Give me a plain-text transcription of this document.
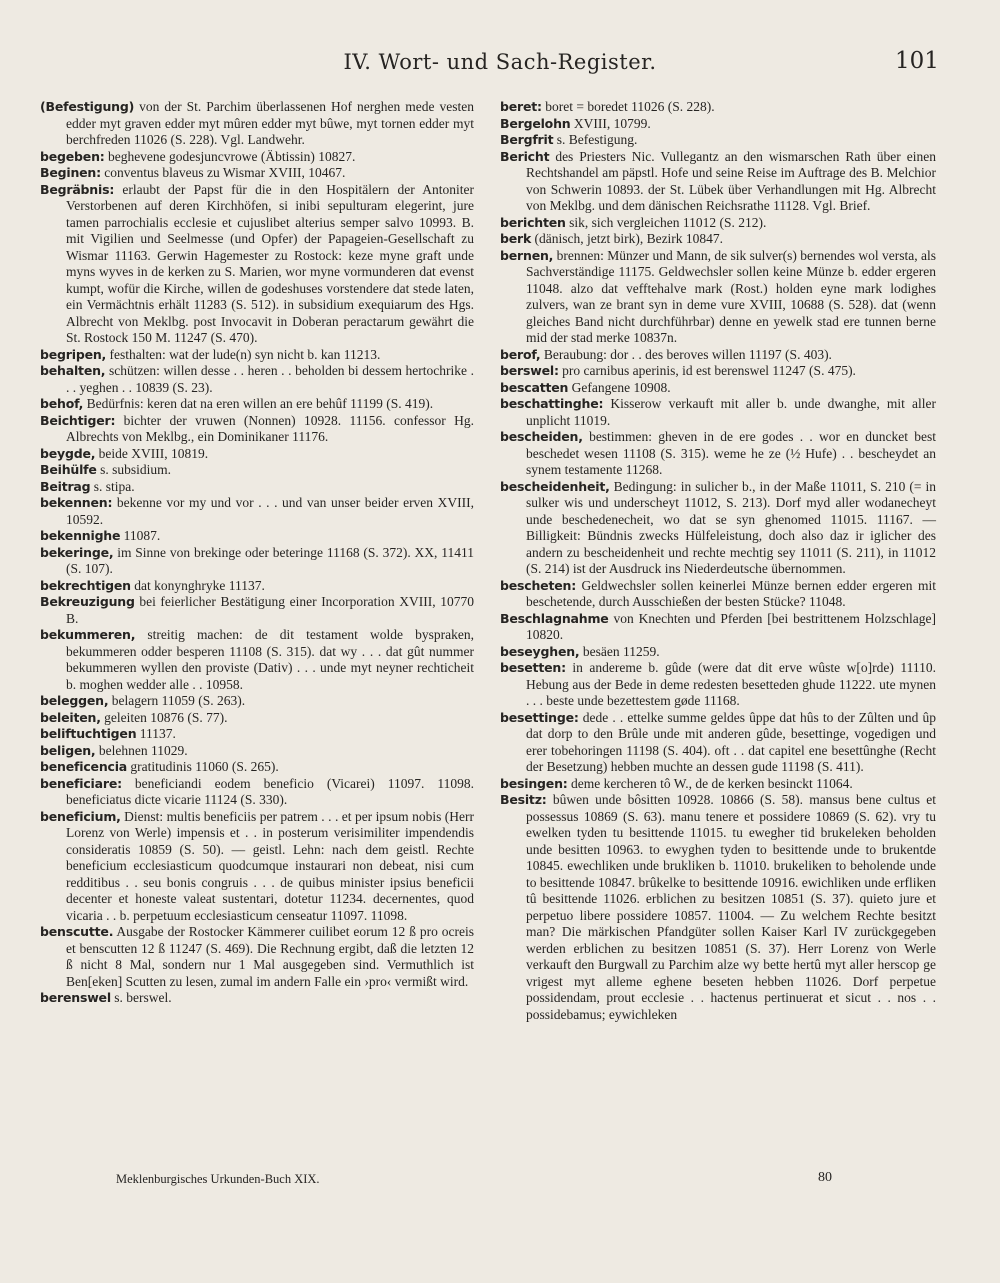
IV. Wort- und Sach-Register.	101

(Befestigung) von der St. Parchim überlassenen Hof nerghen mede vesten edder myt graven edder myt mûren edder myt bûwe, myt tornen edder myt berchfreden 11026 (S. 228). Vgl. Landwehr.

begeben: beghevene godesjuncvrowe (Äbtissin) 10827.

Beginen: conventus blaveus zu Wismar XVIII, 10467.

Begräbnis: erlaubt der Papst für die in den Hospitälern der Antoniter Verstorbenen auf deren Kirchhöfen, si inibi sepulturam elegerint, jure tamen parrochialis ecclesie et cujuslibet alterius semper salvo 10993. B. mit Vigilien und Seelmesse (und Opfer) der Papageien-Gesellschaft zu Wismar 11163. Gerwin Hagemester zu Rostock: keze myne graft unde myns wyves in de kerken zu S. Marien, wor myne vormunderen dat evenst kumpt, wofür die Kirche, willen de godeshuses vorstendere dat stede laten, ein Vermächtnis erhält 11283 (S. 512). in subsidium exequiarum des Hgs. Albrecht von Meklbg. post Invocavit in Doberan peractarum gewährt die St. Rostock 150 M. 11247 (S. 470).

begripen, festhalten: wat der lude(n) syn nicht b. kan 11213.

behalten, schützen: willen desse . . heren . . beholden bi dessem hertochrike . . . yeghen . . 10839 (S. 23).

behof, Bedürfnis: keren dat na eren willen an ere behûf 11199 (S. 419).

Beichtiger: bichter der vruwen (Nonnen) 10928. 11156. confessor Hg. Albrechts von Meklbg., ein Dominikaner 11176.

beygde, beide XVIII, 10819.

Beihülfe s. subsidium.

Beitrag s. stipa.

bekennen: bekenne vor my und vor . . . und van unser beider erven XVIII, 10592.

bekennighe 11087.

bekeringe, im Sinne von brekinge oder beteringe 11168 (S. 372). XX, 11411 (S. 107).

bekrechtigen dat konynghryke 11137.

Bekreuzigung bei feierlicher Bestätigung einer Incorporation XVIII, 10770 B.

bekummeren, streitig machen: de dit testament wolde byspraken, bekummeren odder besperen 11108 (S. 315). dat wy . . . dat gût nummer bekummeren wyllen den proviste (Dativ) . . . unde myt neyner rechticheit b. moghen wedder alle . . 10958.

beleggen, belagern 11059 (S. 263).

beleiten, geleiten 10876 (S. 77).

beliftuchtigen 11137.

beligen, belehnen 11029.

beneficencia gratitudinis 11060 (S. 265).

beneficiare: beneficiandi eodem beneficio (Vicarei) 11097. 11098. beneficiatus dicte vicarie 11124 (S. 330).

beneficium, Dienst: multis beneficiis per patrem . . . et per ipsum nobis (Herr Lorenz von Werle) impensis et . . in posterum verisimiliter impendendis consideratis 10859 (S. 50). — geistl. Lehn: nach dem geistl. Rechte beneficium ecclesiasticum quodcumque instaurari non debeat, nisi cum redditibus . . seu bonis congruis . . . de quibus minister ipsius beneficii decenter et honeste valeat sustentari, dotetur 11234. decernentes, quod vicaria . . b. perpetuum ecclesiasticum censeatur 11097. 11098.

benscutte. Ausgabe der Rostocker Kämmerer cuilibet eorum 12 ß pro ocreis et benscutten 12 ß 11247 (S. 469). Die Rechnung ergibt, daß die letzten 12 ß nicht 8 Mal, sondern nur 1 Mal ausgegeben sind. Vermuthlich ist Ben[eken] Scutten zu lesen, zumal im andern Falle ein ›pro‹ vermißt wird.

berenswel s. berswel.

beret: boret = boredet 11026 (S. 228).

Bergelohn XVIII, 10799.

Bergfrit s. Befestigung.

Bericht des Priesters Nic. Vullegantz an den wismarschen Rath über einen Rechtshandel am päpstl. Hofe und seine Reise im Auftrage des B. Melchior von Schwerin 10893. der St. Lübek über Verhandlungen mit Hg. Albrecht von Meklbg. und dem dänischen Reichsrathe 11128. Vgl. Brief.

berichten sik, sich vergleichen 11012 (S. 212).

berk (dänisch, jetzt birk), Bezirk 10847.

bernen, brennen: Münzer und Mann, de sik sulver(s) bernendes wol versta, als Sachverständige 11175. Geldwechsler sollen keine Münze b. edder ergeren 11048. alzo dat vefftehalve mark (Rost.) holden eyne mark lodighes zulvers, wan ze brant syn in deme vure XVIII, 10688 (S. 528). dat (wenn gleiches Band nicht durchführbar) denne en yewelk stad ere tunnen berne mid der stad merke 10837n.

berof, Beraubung: dor . . des beroves willen 11197 (S. 403).

berswel: pro carnibus aperinis, id est berenswel 11247 (S. 475).

bescatten Gefangene 10908.

beschattinghe: Kisserow verkauft mit aller b. unde dwanghe, mit aller unplicht 11019.

bescheiden, bestimmen: gheven in de ere godes . . wor en duncket best beschedet wesen 11108 (S. 315). weme he ze (½ Hufe) . . bescheydet an synem testamente 11268.

bescheidenheit, Bedingung: in sulicher b., in der Maße 11011, S. 210 (= in sulker wis und underscheyt 11012, S. 213). Dorf myd aller wodanecheyt unde beschedenecheit, wo dat se syn ghenomed 11015. 11167. — Billigkeit: Bündnis zwecks Hülfeleistung, doch also daz ir iglicher des andern zu bescheidenheit und rechte mechtig sey 11011 (S. 211), in 11012 (S. 214) ist der Ausdruck ins Niederdeutsche übernommen.

bescheten: Geldwechsler sollen keinerlei Münze bernen edder ergeren mit beschetende, durch Ausschießen der besten Stücke? 11048.

Beschlagnahme von Knechten und Pferden [bei bestrittenem Holzschlage] 10820.

beseyghen, besäen 11259.

besetten: in andereme b. gûde (were dat dit erve wûste w[o]rde) 11110. Hebung aus der Bede in deme redesten besetteden ghude 11222. ute mynen . . . beste unde bezettestem gøde 11168.

besettinge: dede . . ettelke summe geldes ûppe dat hûs to der Zûlten und ûp dat dorp to den Brûle unde mit anderen gûde, besettinge, vogedigen und erer tobehoringen 11198 (S. 404). oft . . dat capitel ene besettûnghe (Recht der Besetzung) hebben muchte an dessen gude 11198 (S. 411).

besingen: deme kercheren tô W., de de kerken besinckt 11064.

Besitz: bûwen unde bôsitten 10928. 10866 (S. 58). mansus bene cultus et possessus 10869 (S. 63). manu tenere et possidere 10869 (S. 62). vry tu ewelken tyden tu besittende 11015. tu ewegher tid brukeleken beholden unde besitten 10963. to ewyghen tyden to besittende unde to brukentde 10845. ewechliken unde brukliken b. 11010. brukeliken to beholende unde to besittende 10847. brûkelke to besittende 10916. ewichliken unde erfliken tû besittende 11026. erblichen zu besitzen 10851 (S. 37). quieto jure et perpetuo libere possidere 10857. 11004. — Zu welchem Rechte besitzt man? Die märkischen Pfandgüter sollen Kaiser Karl IV zurückgegeben werden erblichen zu besitzen 10851 (S. 37). Herr Lorenz von Werle verkauft den Burgwall zu Parchim alze wy bette hertû myt aller herscop ge vrigest myt alleme eghene beseten hebben 11026. Dorf perpetue possidendam, prout ecclesie . . hactenus pertinuerat et sicut . . nos . . possidebamus; eywichleken

Meklenburgisches Urkunden-Buch XIX.	80
